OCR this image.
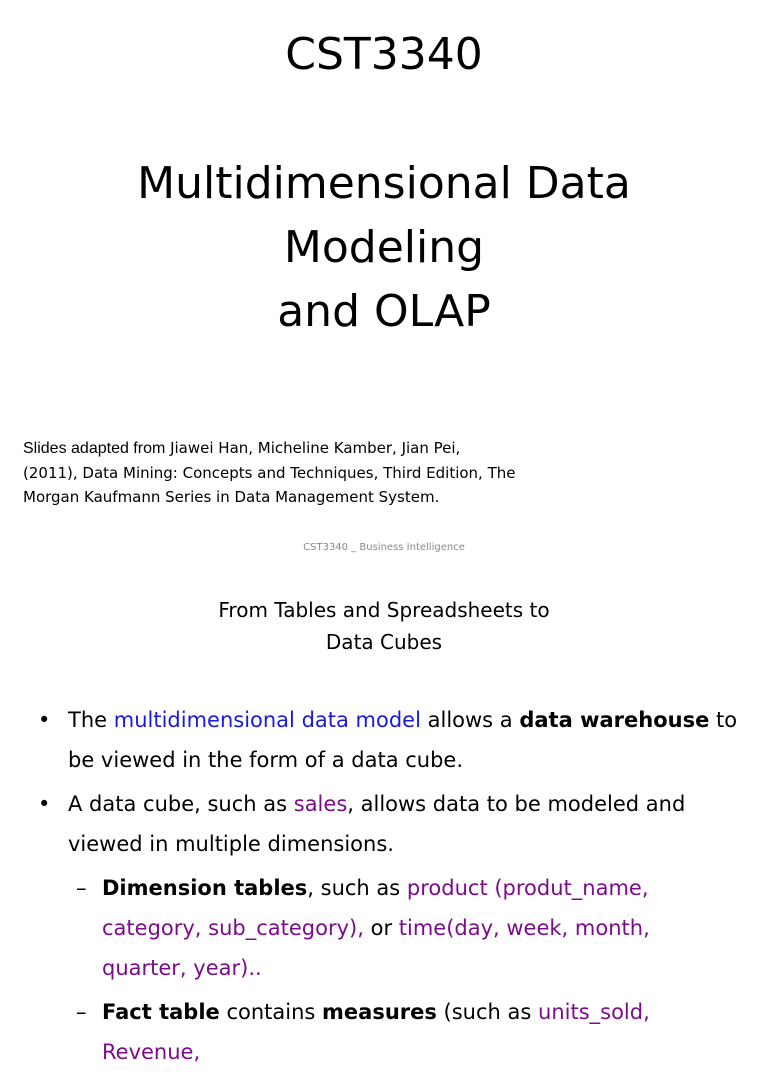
CST3340
Multidimensional Data
Modeling
and OLAP
Slides adapted from Jiawei Han, Micheline Kamber, Jian Pei,
(2011), Data Mining: Concepts and Techniques, Third Edition, The
Morgan Kaufmann Series in Data Management System.
CST3340 _ Business Intelligence
From Tables and Spreadsheets to
Data Cubes
• The multidimensional data model allows a data warehouse to be viewed in the form of a data cube.
• A data cube, such as sales, allows data to be modeled and viewed in multiple dimensions.
– Dimension tables, such as product (produt_name, category, sub_category), or time(day, week, month, quarter, year)..
– Fact table contains measures (such as units_sold, Revenue,
